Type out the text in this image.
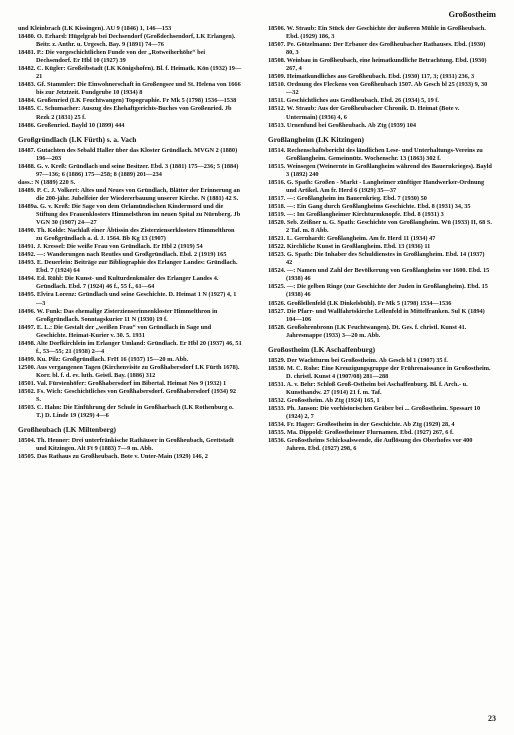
Großostheim

und Kleinbrach (LK Kissingen). AU 9 (1846) 1, 146—153

18480. O. Erhard: Hügelgrab bei Dechsendorf (Großdechsendorf, LK Erlangen). Beitr. z. Anthr. u. Urgesch. Bay. 9 (1891) 74—76

18481. P.: Die vorgeschichtlichen Funde von der „Rotweiherhöhe“ bei Dechsendorf. Er Hbl 10 (1927) 39

18482. C. Kügler: Großeibstadt (LK Königshofen). Bl. f. Heimatk. Kön (1932) 19—21

18483. Gf. Stammler: Die Einwohnerschaft in Großengsee und St. Helena von 1666 bis zur Jetztzeit. Fundgrube 10 (1934) 8

18484. Großenried (LK Feuchtwangen) Topographie. Fr Mk 5 (1798) 1536—1538

18485. C. Schumacher: Auszug des Ehehaftgerichts-Buches von Großenried. Jb Rezk 2 (1831) 25 f.

18486. Großenried. Bayld 10 (1899) 444

Großgründlach (LK Fürth) s. a. Vach

18487. Gutachten des Sebald Haller über das Kloster Gründlach. MVGN 2 (1880) 196—203

18488. G. v. Kreß: Gründlach und seine Besitzer. Ebd. 3 (1881) 175—236; 5 (1884) 97—136; 6 (1886) 175—258; 8 (1889) 201—234

dass.: N (1889) 220 S.

18489. P. C. J. Volkert: Altes und Neues von Gründlach, Blätter der Erinnerung an die 200-jähr. Jubelfeier der Wiedererbauung unserer Kirche. N (1881) 42 S.

18489a. G. v. Kreß: Die Sage von dem Orlamündischen Kindermord und die Stiftung des Frauenklosters Himmelsthron im neuen Spital zu Nürnberg. Jb VGN 30 (1907) 24—27

18490. Th. Kolde: Nachlaß einer Äbtissin des Zisterzienserklosters Himmelthron zu Großgründlach a. d. J. 1564. Bb Kg 13 (1907)

18491. J. Kressel: Die weiße Frau von Gründlach. Er Hbl 2 (1919) 54

18492. —: Wanderungen nach Reutles und Großgründlach. Ebd. 2 (1919) 165

18493. E. Deuerlein: Beiträge zur Bibliographie des Erlanger Landes: Gründlach. Ebd. 7 (1924) 64

18494. Ed. Rühl: Die Kunst- und Kulturdenkmäler des Erlanger Landes 4. Gründlach. Ebd. 7 (1924) 46 f., 55 f., 61—64

18495. Elvira Lorenz: Gründlach und seine Geschichte. D. Heimat 1 N (1927) 4, 1—3

18496. W. Funk: Das ehemalige Zisterzienserinnenkloster Himmelthron in Großgründlach. Sonntagskurier 11 N (1930) 19 f.

18497. E. L.: Die Gestalt der „weißen Frau“ von Gründlach in Sage und Geschichte. Heimat-Kurier v. 30. 5. 1931

18498. Alte Dorfkirchlein im Erlanger Umland: Gründlach. Er Hbl 20 (1937) 46, 51 f., 53—55; 21 (1938) 2—4

18499. Ku. Pilz: Großgründlach. FrH 16 (1937) 15—20 m. Abb.

12500. Aus vergangenen Tagen (Kirchenvisite zu Großhabersdorf LK Fürth 1678). Korr. bl. f. d. ev. luth. Geistl. Bay. (1886) 312

18501. Val. Fürstenhöfer: Großhabersdorf im Bibertal. Heimat Nes 9 (1932) 1

18502. Fs. Wich: Geschichtliches von Großhabersdorf. Großhabersdorf (1934) 92 S.

18503. C. Hahn: Die Einführung der Schule in Großharbach (LK Rothenburg o. T.) D. Linde 19 (1929) 4—6

Großheubach (LK Miltenberg)

18504. Th. Henner: Drei unterfränkische Rathäuser in Großheubach, Grettstadt und Kitzingen. Alt Ft 9 (1883) 7—9 m. Abb.

18505. Das Rathaus zu Großheubach. Bote v. Unter-Main (1929) 146, 2

18506. W. Straub: Ein Stück der Geschichte der äußeren Mühle in Großheubach. Ebd. (1929) 186, 3

18507. Pe. Götzelmann: Der Erbauer des Großheubacher Rathauses. Ebd. (1930) 80, 3

18508. Weinbau in Großheubach, eine heimatkundliche Betrachtung. Ebd. (1930) 267, 4

18509. Heimatkundliches aus Großheubach. Ebd. (1930) 117, 3; (1931) 236, 3

18510. Ordnung des Fleckens von Großheubach 1507. Ab Gesch bl 25 (1933) 9, 30—32

18511. Geschichtliches aus Großheubach. Ebd. 26 (1934) 5, 19 f.

18512. W. Straub: Aus der Großheubacher Chronik. D. Heimat (Bote v. Untermain) (1936) 4, 6

18513. Urnenfund bei Großheubach. Ab Ztg (1939) 104

Großlangheim (LK Kitzingen)

18514. Rechenschaftsbericht des ländlichen Lese- und Unterhaltungs-Vereins zu Großlangheim. Gemeinnütz. Wochenschr. 13 (1863) 302 f.

18515. Weinsegen (Weinernte in Großlangheim während des Bauernkrieges). Bayld 3 (1892) 240

18516. G. Spath: Großen - Markt - Langheimer zünftiger Handwerker-Ordnung und Artikel. Am fr. Herd 6 (1929) 35—37

18517. —: Großlangheim im Bauernkrieg. Ebd. 7 (1930) 50

18518. —: Ein Gang durch Großlangheims Geschichte. Ebd. 8 (1931) 34, 35

18519. —: Im Großlangheimer Kirchturmknopfe. Ebd. 8 (1931) 3

18520. Seb. Zeißner u. G. Spath: Geschichte von Großlangheim. Wü (1933) II, 68 S. 2 Taf. m. 8 Abb.

18521. L. Gernhardt: Großlangheim. Am fr. Herd 11 (1934) 47

18522. Kirchliche Kunst in Großlangheim. Ebd. 13 (1936) 11

18523. G. Spath: Die Inhaber des Schuldienstes in Großlangheim. Ebd. 14 (1937) 42

18524. —: Namen und Zahl der Bevölkerung von Großlangheim vor 1600. Ebd. 15 (1938) 46

18525. —: Die gelben Ringe (zur Geschichte der Juden in Großlangheim). Ebd. 15 (1938) 46

18526. Großlellenfeld (LK Dinkelsbühl). Fr Mk 5 (1798) 1534—1536

18527. Die Pfarr- und Wallfahrtskirche Lellenfeld in Mittelfranken. Sul K (1894) 104—106

18528. Großohrenbronn (LK Feuchtwangen). Dt. Ges. f. christl. Kunst 41. Jahresmappe (1933) 3—20 m. Abb.

Großostheim (LK Aschaffenburg)

18529. Der Wachtturm bei Großostheim. Ab Gesch bl 1 (1907) 35 f.

18530. M. C. Rohe: Eine Kreuzigungsgruppe der Frührenaissance in Großostheim. D. christl. Kunst 4 (1907/08) 281—288

18531. A. v. Behr: Schloß Groß-Ostheim bei Aschaffenburg. Bl. f. Arch.- u. Kunsthandw. 27 (1914) 21 f. m. Taf.

18532. Großostheim. Ab Ztg (1924) 165, 1

18533. Ph. Janson: Die vorhistorischen Gräber bei ... Großostheim. Spessart 10 (1924) 2, 7

18534. Fr. Hager: Großostheim in der Geschichte. Ab Ztg (1929) 28, 4

18535. Ma. Dippold: Großostheimer Flurnamen. Ebd. (1927) 267, 6 f.

18536. Großostheims Schicksalswende, die Auflösung des Oberhofes vor 400 Jahren. Ebd. (1927) 298, 6

23
